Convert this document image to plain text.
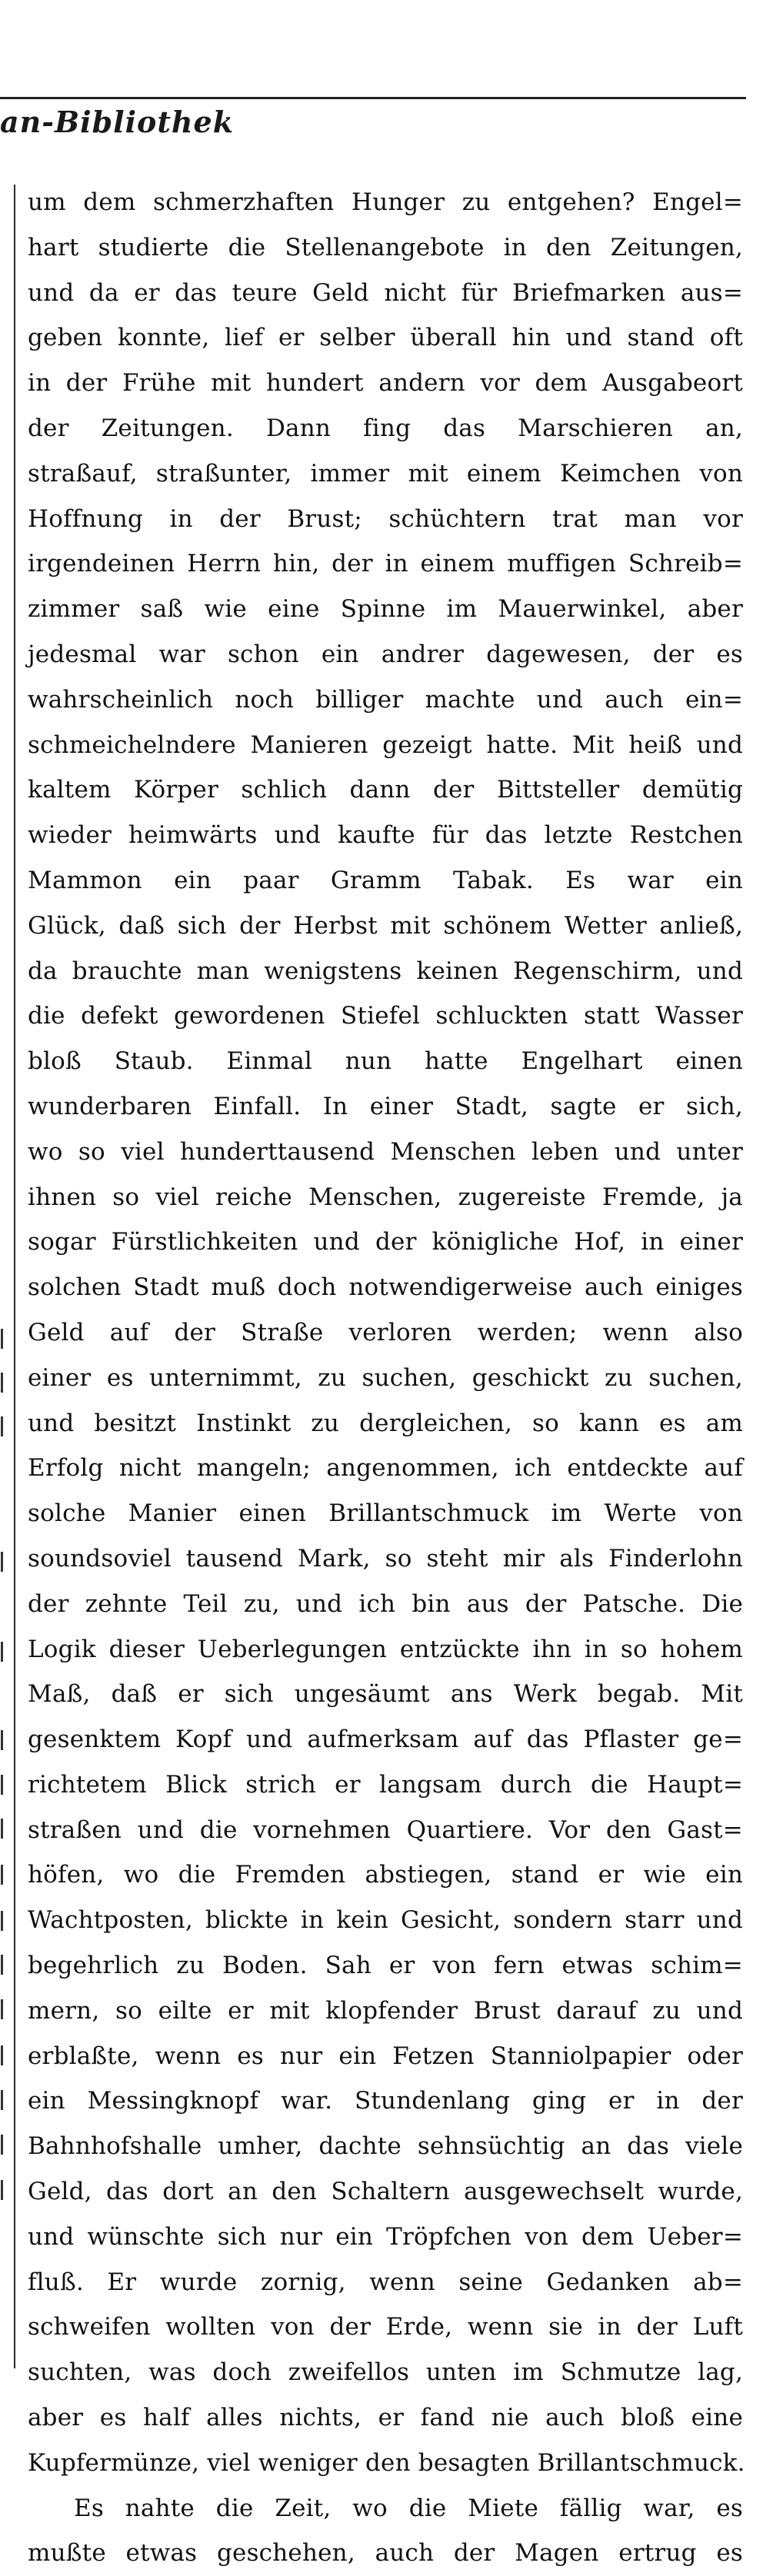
an-Bibliothek
um dem schmerzhaften Hunger zu entgehen? Engel=
hart studierte die Stellenangebote in den Zeitungen,
und da er das teure Geld nicht für Briefmarken aus=
geben konnte, lief er selber überall hin und stand oft
in der Frühe mit hundert andern vor dem Ausgabeort
der Zeitungen. Dann fing das Marschieren an,
straßauf, straßunter, immer mit einem Keimchen von
Hoffnung in der Brust; schüchtern trat man vor
irgendeinen Herrn hin, der in einem muffigen Schreib=
zimmer saß wie eine Spinne im Mauerwinkel, aber
jedesmal war schon ein andrer dagewesen, der es
wahrscheinlich noch billiger machte und auch ein=
schmeichelndere Manieren gezeigt hatte. Mit heiß und
kaltem Körper schlich dann der Bittsteller demütig
wieder heimwärts und kaufte für das letzte Restchen
Mammon ein paar Gramm Tabak. Es war ein
Glück, daß sich der Herbst mit schönem Wetter anließ,
da brauchte man wenigstens keinen Regenschirm, und
die defekt gewordenen Stiefel schluckten statt Wasser
bloß Staub. Einmal nun hatte Engelhart einen
wunderbaren Einfall. In einer Stadt, sagte er sich,
wo so viel hunderttausend Menschen leben und unter
ihnen so viel reiche Menschen, zugereiste Fremde, ja
sogar Fürstlichkeiten und der königliche Hof, in einer
solchen Stadt muß doch notwendigerweise auch einiges
Geld auf der Straße verloren werden; wenn also
einer es unternimmt, zu suchen, geschickt zu suchen,
und besitzt Instinkt zu dergleichen, so kann es am
Erfolg nicht mangeln; angenommen, ich entdeckte auf
solche Manier einen Brillantschmuck im Werte von
soundsoviel tausend Mark, so steht mir als Finderlohn
der zehnte Teil zu, und ich bin aus der Patsche. Die
Logik dieser Ueberlegungen entzückte ihn in so hohem
Maß, daß er sich ungesäumt ans Werk begab. Mit
gesenktem Kopf und aufmerksam auf das Pflaster ge=
richtetem Blick strich er langsam durch die Haupt=
straßen und die vornehmen Quartiere. Vor den Gast=
höfen, wo die Fremden abstiegen, stand er wie ein
Wachtposten, blickte in kein Gesicht, sondern starr und
begehrlich zu Boden. Sah er von fern etwas schim=
mern, so eilte er mit klopfender Brust darauf zu und
erblaßte, wenn es nur ein Fetzen Stanniolpapier oder
ein Messingknopf war. Stundenlang ging er in der
Bahnhofshalle umher, dachte sehnsüchtig an das viele
Geld, das dort an den Schaltern ausgewechselt wurde,
und wünschte sich nur ein Tröpfchen von dem Ueber=
fluß. Er wurde zornig, wenn seine Gedanken ab=
schweifen wollten von der Erde, wenn sie in der Luft
suchten, was doch zweifellos unten im Schmutze lag,
aber es half alles nichts, er fand nie auch bloß eine
Kupfermünze, viel weniger den besagten Brillantschmuck.
Es nahte die Zeit, wo die Miete fällig war, es
mußte etwas geschehen, auch der Magen ertrug es
